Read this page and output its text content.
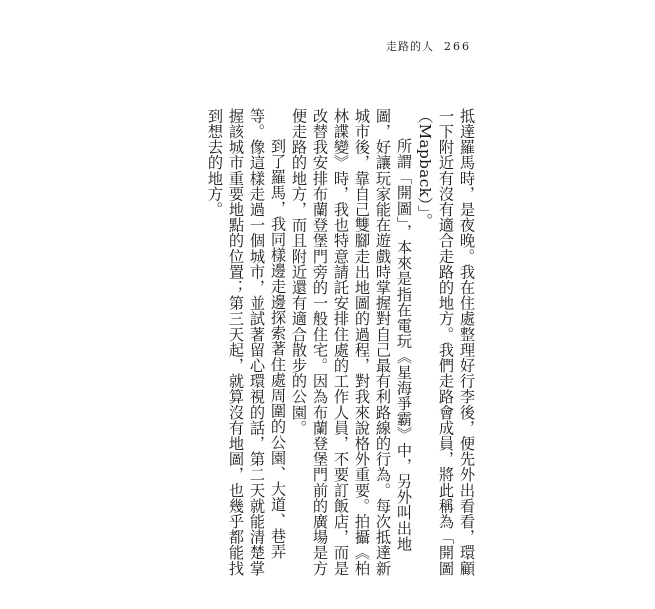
走路的人 266

抵達羅馬時，是夜晚。我在住處整理好行李後，便先外出看看，環顧一下附近有沒有適合走路的地方。我們走路會成員，將此稱為「開圖（Mapback）」。

所謂「開圖」，本來是指在電玩《星海爭霸》中，另外叫出地圖，好讓玩家能在遊戲時掌握對自己最有利路線的行為。每次抵達新城市後，靠自己雙腳走出地圖的過程，對我來說格外重要。拍攝《柏林諜變》時，我也特意請託安排住處的工作人員，不要訂飯店，而是改替我安排布蘭登堡門旁的一般住宅。因為布蘭登堡門前的廣場是方便走路的地方，而且附近還有適合散步的公園。

到了羅馬，我同樣邊走邊探索著住處周圍的公園、大道、巷弄等。像這樣走過一個城市，並試著留心環視的話，第二天就能清楚掌握該城市重要地點的位置；第三天起，就算沒有地圖，也幾乎都能找到想去的地方。
